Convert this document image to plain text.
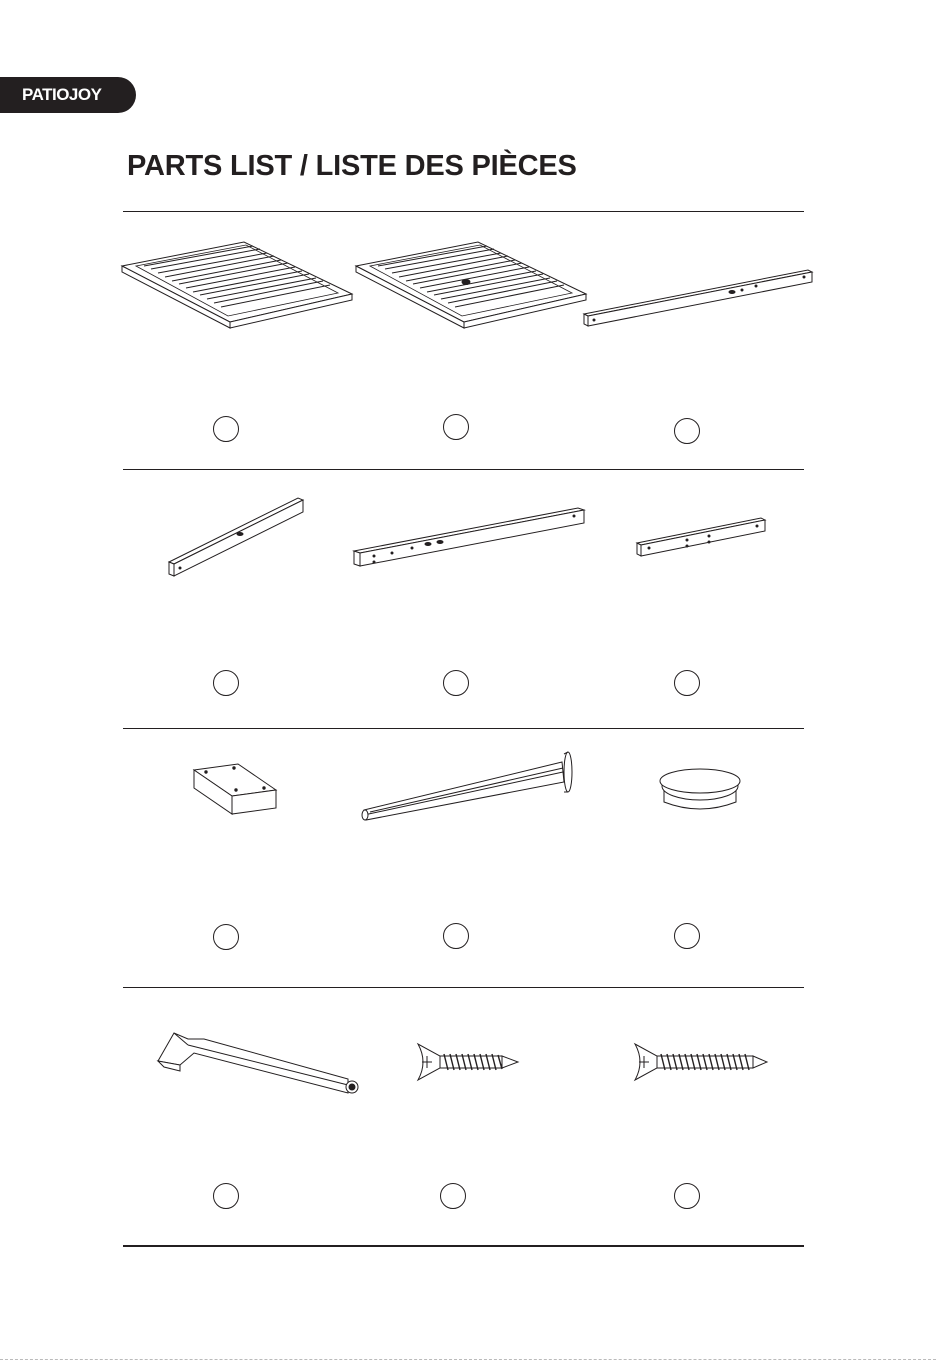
PATIOJOY
PARTS LIST / LISTE DES PIÈCES
